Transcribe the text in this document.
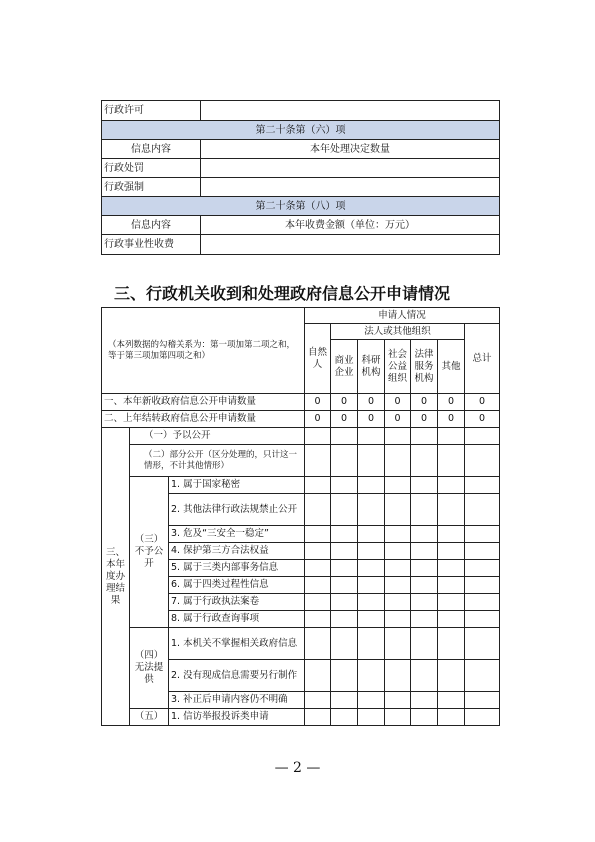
行政许可	
第二十条第（六）项	
信息内容	本年处理决定数量
行政处罚	
行政强制	
第二十条第（八）项	
信息内容	本年收费金额（单位：万元）
行政事业性收费	
三、行政机关收到和处理政府信息公开申请情况
（本列数据的勾稽关系为：第一项加第二项之和，等于第三项加第四项之和）			申请人情况						
			自然人	法人或其他组织					总计
				商业企业	科研机构	社会公益组织	法律服务机构	其他	
一、本年新收政府信息公开申请数量			0	0	0	0	0	0	0
二、上年结转政府信息公开申请数量			0	0	0	0	0	0	0
三、本年度办理结果	（一）予以公开								
	（二）部分公开（区分处理的，只计这一情形，不计其他情形）								
	（三）不予公开	1. 属于国家秘密							
		2. 其他法律行政法规禁止公开							
		3. 危及“三安全一稳定”							
		4. 保护第三方合法权益							
		5. 属于三类内部事务信息							
		6. 属于四类过程性信息							
		7. 属于行政执法案卷							
		8. 属于行政查询事项							
	（四）无法提供	1. 本机关不掌握相关政府信息							
		2. 没有现成信息需要另行制作							
		3. 补正后申请内容仍不明确							
	（五）	1. 信访举报投诉类申请							
— 2 —
